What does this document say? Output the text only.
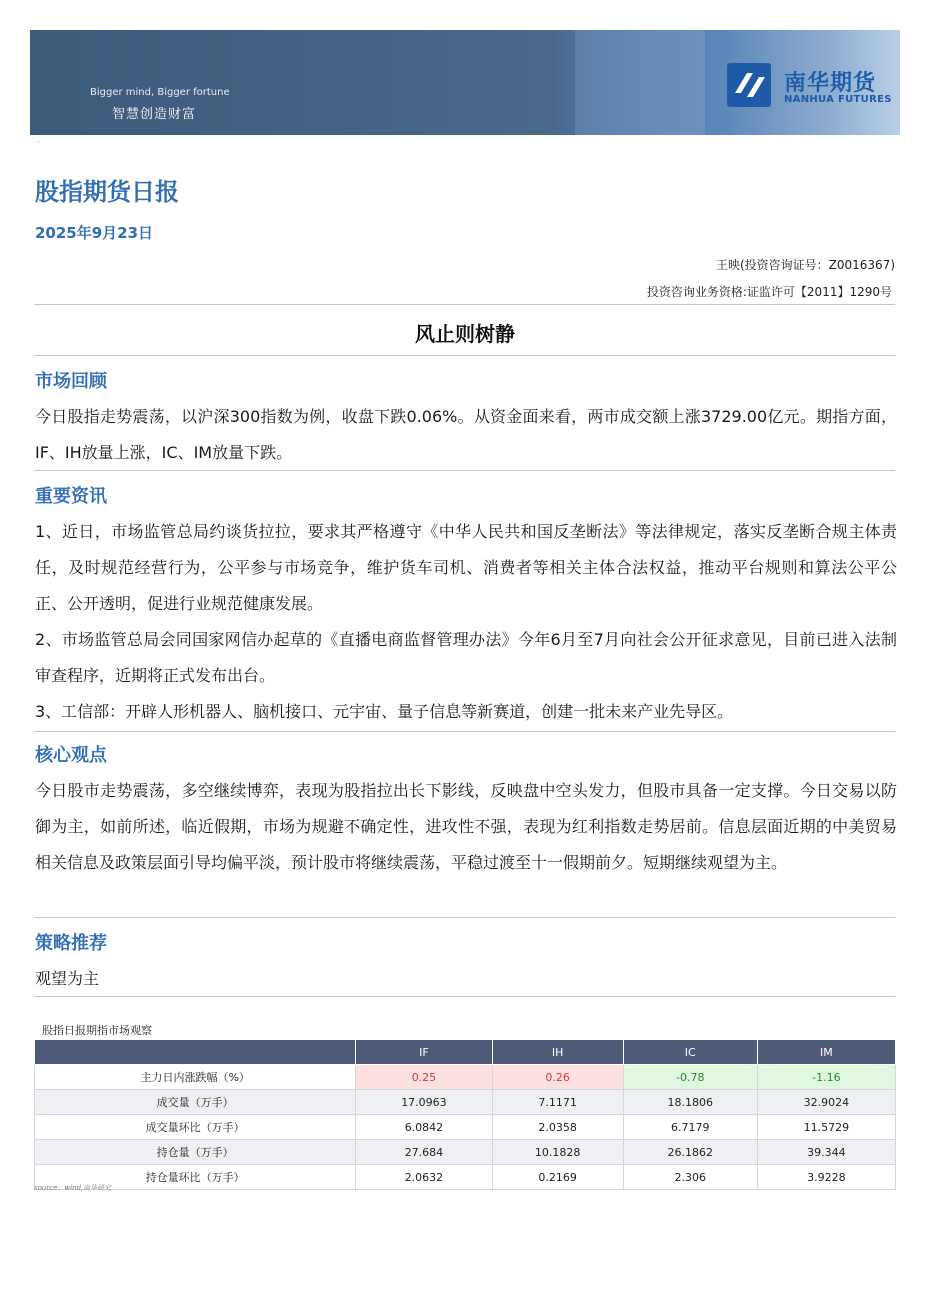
Bigger mind, Bigger fortune
智慧创造财富
南华期货
NANHUA FUTURES
·
股指期货日报
2025年9月23日
王映(投资咨询证号：Z0016367)
投资咨询业务资格:证监许可【2011】1290号
风止则树静
市场回顾
今日股指走势震荡，以沪深300指数为例，收盘下跌0.06%。从资金面来看，两市成交额上涨3729.00亿元。期指方面，IF、IH放量上涨，IC、IM放量下跌。
重要资讯
1、近日，市场监管总局约谈货拉拉，要求其严格遵守《中华人民共和国反垄断法》等法律规定，落实反垄断合规主体责任，及时规范经营行为，公平参与市场竞争，维护货车司机、消费者等相关主体合法权益，推动平台规则和算法公平公正、公开透明，促进行业规范健康发展。
2、市场监管总局会同国家网信办起草的《直播电商监督管理办法》今年6月至7月向社会公开征求意见，目前已进入法制审查程序，近期将正式发布出台。
3、工信部：开辟人形机器人、脑机接口、元宇宙、量子信息等新赛道，创建一批未来产业先导区。
核心观点
今日股市走势震荡，多空继续博弈，表现为股指拉出长下影线，反映盘中空头发力，但股市具备一定支撑。今日交易以防御为主，如前所述，临近假期，市场为规避不确定性，进攻性不强，表现为红利指数走势居前。信息层面近期的中美贸易相关信息及政策层面引导均偏平淡，预计股市将继续震荡，平稳过渡至十一假期前夕。短期继续观望为主。
策略推荐
观望为主
股指日报期指市场观察
	IF	IH	IC	IM
主力日内涨跌幅（%）	0.25	0.26	-0.78	-1.16
成交量（万手）	17.0963	7.1171	18.1806	32.9024
成交量环比（万手）	6.0842	2.0358	6.7179	11.5729
持仓量（万手）	27.684	10.1828	26.1862	39.344
持仓量环比（万手）	2.0632	0.2169	2.306	3.9228
source：wind,南华研究
